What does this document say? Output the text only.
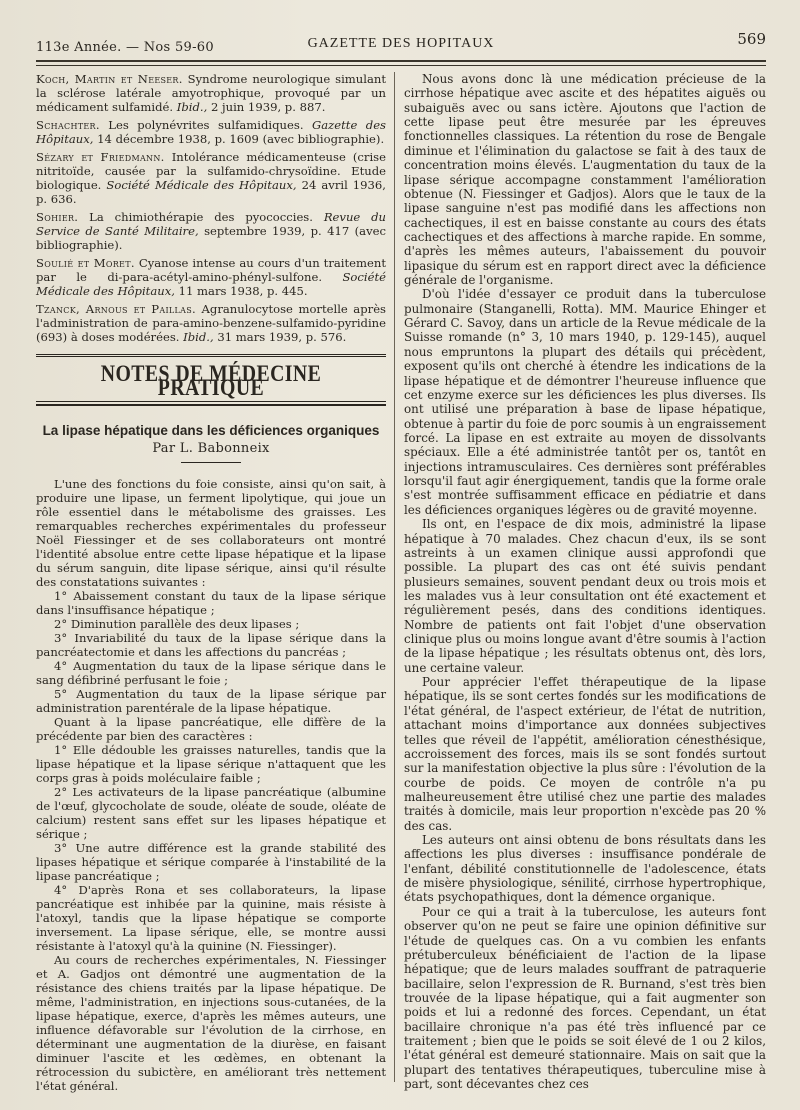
113e Année. — Nos 59-60	GAZETTE DES HOPITAUX	569

Koch, Martin et Neeser. Syndrome neurologique simulant la sclérose latérale amyotrophique, provoqué par un médicament sulfamidé. Ibid., 2 juin 1939, p. 887.

Schachter. Les polynévrites sulfamidiques. Gazette des Hôpitaux, 14 décembre 1938, p. 1609 (avec bibliographie).

Sézary et Friedmann. Intolérance médicamenteuse (crise nitritoïde, causée par la sulfamido-chrysoïdine. Etude biologique. Société Médicale des Hôpitaux, 24 avril 1936, p. 636.

Sohier. La chimiothérapie des pyococcies. Revue du Service de Santé Militaire, septembre 1939, p. 417 (avec bibliographie).

Soulié et Moret. Cyanose intense au cours d'un traitement par le di-para-acétyl-amino-phényl-sulfone. Société Médicale des Hôpitaux, 11 mars 1938, p. 445.

Tzanck, Arnous et Paillas. Agranulocytose mortelle après l'administration de para-amino-benzene-sulfamido-pyridine (693) à doses modérées. Ibid., 31 mars 1939, p. 576.

NOTES DE MÉDECINE PRATIQUE
La lipase hépatique dans les déficiences organiques
Par L. Babonneix

L'une des fonctions du foie consiste, ainsi qu'on sait, à produire une lipase, un ferment lipolytique, qui joue un rôle essentiel dans le métabolisme des graisses. Les remarquables recherches expérimentales du professeur Noël Fiessinger et de ses collaborateurs ont montré l'identité absolue entre cette lipase hépatique et la lipase du sérum sanguin, dite lipase sérique, ainsi qu'il résulte des constatations suivantes :

1° Abaissement constant du taux de la lipase sérique dans l'insuffisance hépatique ;

2° Diminution parallèle des deux lipases ;

3° Invariabilité du taux de la lipase sérique dans la pancréatectomie et dans les affections du pancréas ;

4° Augmentation du taux de la lipase sérique dans le sang défibriné perfusant le foie ;

5° Augmentation du taux de la lipase sérique par administration parentérale de la lipase hépatique.

Quant à la lipase pancréatique, elle diffère de la précédente par bien des caractères :

1° Elle dédouble les graisses naturelles, tandis que la lipase hépatique et la lipase sérique n'attaquent que les corps gras à poids moléculaire faible ;

2° Les activateurs de la lipase pancréatique (albumine de l'œuf, glycocholate de soude, oléate de soude, oléate de calcium) restent sans effet sur les lipases hépatique et sérique ;

3° Une autre différence est la grande stabilité des lipases hépatique et sérique comparée à l'instabilité de la lipase pancréatique ;

4° D'après Rona et ses collaborateurs, la lipase pancréatique est inhibée par la quinine, mais résiste à l'atoxyl, tandis que la lipase hépatique se comporte inversement. La lipase sérique, elle, se montre aussi résistante à l'atoxyl qu'à la quinine (N. Fiessinger).

Au cours de recherches expérimentales, N. Fiessinger et A. Gadjos ont démontré une augmentation de la résistance des chiens traités par la lipase hépatique. De même, l'administration, en injections sous-cutanées, de la lipase hépatique, exerce, d'après les mêmes auteurs, une influence défavorable sur l'évolution de la cirrhose, en déterminant une augmentation de la diurèse, en faisant diminuer l'ascite et les œdèmes, en obtenant la rétrocession du subictère, en améliorant très nettement l'état général.

Nous avons donc là une médication précieuse de la cirrhose hépatique avec ascite et des hépatites aiguës ou subaiguës avec ou sans ictère. Ajoutons que l'action de cette lipase peut être mesurée par les épreuves fonctionnelles classiques. La rétention du rose de Bengale diminue et l'élimination du galactose se fait à des taux de concentration moins élevés. L'augmentation du taux de la lipase sérique accompagne constamment l'amélioration obtenue (N. Fiessinger et Gadjos). Alors que le taux de la lipase sanguine n'est pas modifié dans les affections non cachectiques, il est en baisse constante au cours des états cachectiques et des affections à marche rapide. En somme, d'après les mêmes auteurs, l'abaissement du pouvoir lipasique du sérum est en rapport direct avec la déficience générale de l'organisme.

D'où l'idée d'essayer ce produit dans la tuberculose pulmonaire (Stanganelli, Rotta). MM. Maurice Ehinger et Gérard C. Savoy, dans un article de la Revue médicale de la Suisse romande (n° 3, 10 mars 1940, p. 129-145), auquel nous empruntons la plupart des détails qui précèdent, exposent qu'ils ont cherché à étendre les indications de la lipase hépatique et de démontrer l'heureuse influence que cet enzyme exerce sur les déficiences les plus diverses. Ils ont utilisé une préparation à base de lipase hépatique, obtenue à partir du foie de porc soumis à un engraissement forcé. La lipase en est extraite au moyen de dissolvants spéciaux. Elle a été administrée tantôt per os, tantôt en injections intramusculaires. Ces dernières sont préférables lorsqu'il faut agir énergiquement, tandis que la forme orale s'est montrée suffisamment efficace en pédiatrie et dans les déficiences organiques légères ou de gravité moyenne.

Ils ont, en l'espace de dix mois, administré la lipase hépatique à 70 malades. Chez chacun d'eux, ils se sont astreints à un examen clinique aussi approfondi que possible. La plupart des cas ont été suivis pendant plusieurs semaines, souvent pendant deux ou trois mois et les malades vus à leur consultation ont été exactement et régulièrement pesés, dans des conditions identiques. Nombre de patients ont fait l'objet d'une observation clinique plus ou moins longue avant d'être soumis à l'action de la lipase hépatique ; les résultats obtenus ont, dès lors, une certaine valeur.

Pour apprécier l'effet thérapeutique de la lipase hépatique, ils se sont certes fondés sur les modifications de l'état général, de l'aspect extérieur, de l'état de nutrition, attachant moins d'importance aux données subjectives telles que réveil de l'appétit, amélioration cénesthésique, accroissement des forces, mais ils se sont fondés surtout sur la manifestation objective la plus sûre : l'évolution de la courbe de poids. Ce moyen de contrôle n'a pu malheureusement être utilisé chez une partie des malades traités à domicile, mais leur proportion n'excède pas 20 % des cas.

Les auteurs ont ainsi obtenu de bons résultats dans les affections les plus diverses : insuffisance pondérale de l'enfant, débilité constitutionnelle de l'adolescence, états de misère physiologique, sénilité, cirrhose hypertrophique, états psychopathiques, dont la démence organique.

Pour ce qui a trait à la tuberculose, les auteurs font observer qu'on ne peut se faire une opinion définitive sur l'étude de quelques cas. On a vu combien les enfants prétuberculeux bénéficiaient de l'action de la lipase hépatique; que de leurs malades souffrant de patraquerie bacillaire, selon l'expression de R. Burnand, s'est très bien trouvée de la lipase hépatique, qui a fait augmenter son poids et lui a redonné des forces. Cependant, un état bacillaire chronique n'a pas été très influencé par ce traitement ; bien que le poids se soit élevé de 1 ou 2 kilos, l'état général est demeuré stationnaire. Mais on sait que la plupart des tentatives thérapeutiques, tuberculine mise à part, sont décevantes chez ces
